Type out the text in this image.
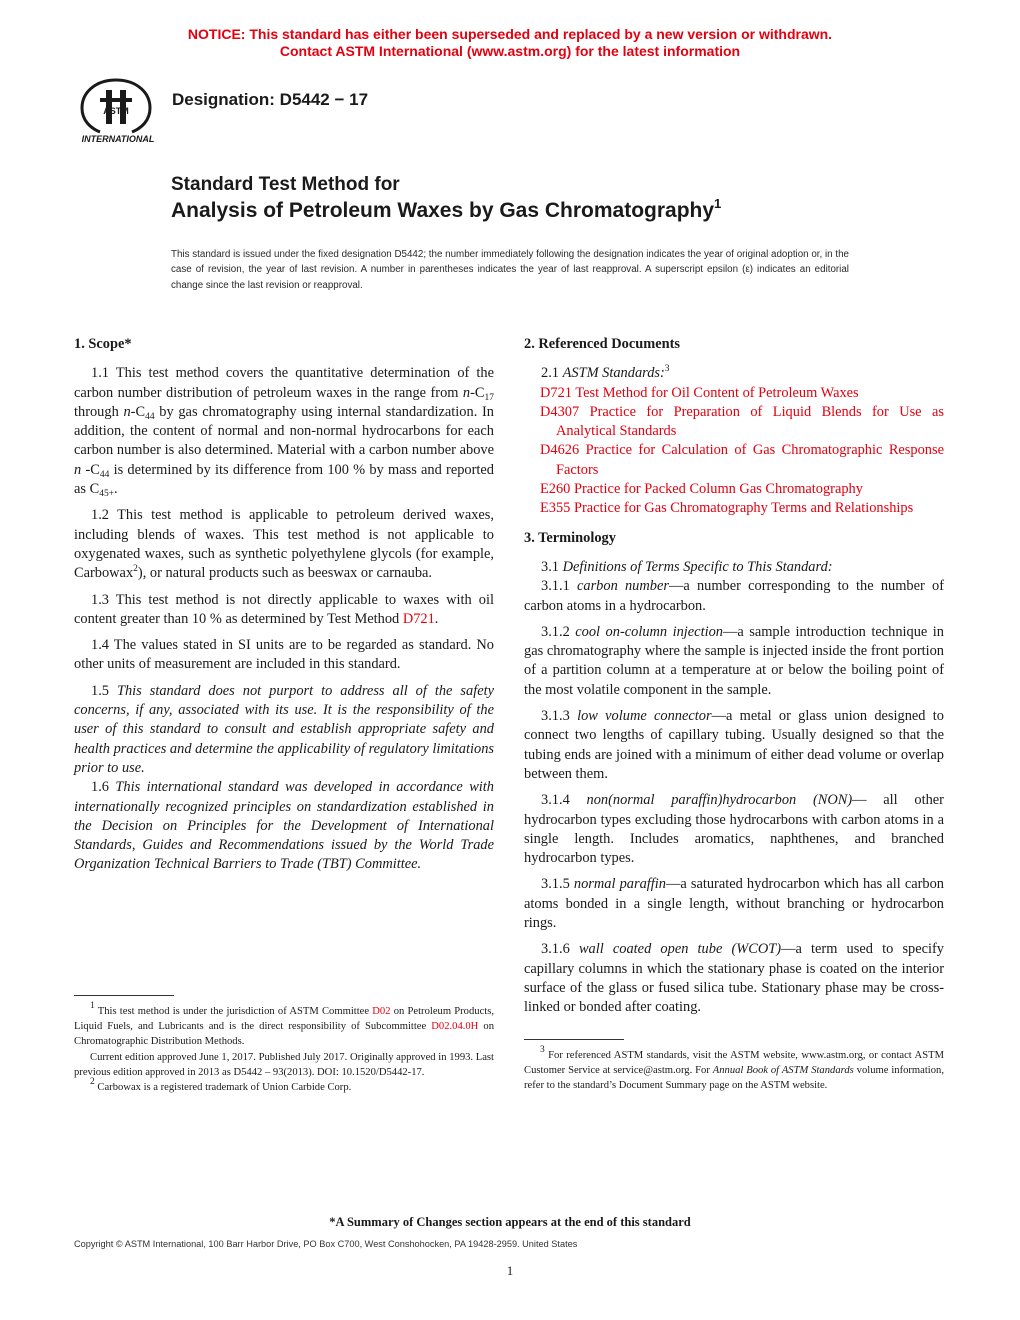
NOTICE: This standard has either been superseded and replaced by a new version or withdrawn.
Contact ASTM International (www.astm.org) for the latest information
ASTM
INTERNATIONAL
Designation: D5442 − 17
Standard Test Method for
Analysis of Petroleum Waxes by Gas Chromatography$^1$
This standard is issued under the fixed designation D5442; the number immediately following the designation indicates the year of original adoption or, in the case of revision, the year of last revision. A number in parentheses indicates the year of last reapproval. A superscript epsilon (ε) indicates an editorial change since the last revision or reapproval.
1. Scope*

1.1 This test method covers the quantitative determination of the carbon number distribution of petroleum waxes in the range from $n-C_{17}$ through $n-C_{44}$ by gas chromatography using internal standardization. In addition, the content of normal and non-normal hydrocarbons for each carbon number is also determined. Material with a carbon number above n $-C_{44}$ is determined by its difference from 100 % by mass and reported as $C_{45+}$.

1.2 This test method is applicable to petroleum derived waxes, including blends of waxes. This test method is not applicable to oxygenated waxes, such as synthetic polyethylene glycols (for example, Carbowax$^2$), or natural products such as beeswax or carnauba.

1.3 This test method is not directly applicable to waxes with oil content greater than 10 % as determined by Test Method D721.

1.4 The values stated in SI units are to be regarded as standard. No other units of measurement are included in this standard.

1.5 This standard does not purport to address all of the safety concerns, if any, associated with its use. It is the responsibility of the user of this standard to consult and establish appropriate safety and health practices and determine the applicability of regulatory limitations prior to use.

1.6 This international standard was developed in accordance with internationally recognized principles on standardization established in the Decision on Principles for the Development of International Standards, Guides and Recommendations issued by the World Trade Organization Technical Barriers to Trade (TBT) Committee.

2. Referenced Documents

2.1 ASTM Standards:$^3$

D721 Test Method for Oil Content of Petroleum Waxes

D4307 Practice for Preparation of Liquid Blends for Use as Analytical Standards

D4626 Practice for Calculation of Gas Chromatographic Response Factors

E260 Practice for Packed Column Gas Chromatography

E355 Practice for Gas Chromatography Terms and Relationships

3. Terminology

3.1 Definitions of Terms Specific to This Standard:

3.1.1 carbon number—a number corresponding to the number of carbon atoms in a hydrocarbon.

3.1.2 cool on-column injection—a sample introduction technique in gas chromatography where the sample is injected inside the front portion of a partition column at a temperature at or below the boiling point of the most volatile component in the sample.

3.1.3 low volume connector—a metal or glass union designed to connect two lengths of capillary tubing. Usually designed so that the tubing ends are joined with a minimum of either dead volume or overlap between them.

3.1.4 non(normal paraffin)hydrocarbon (NON)— all other hydrocarbon types excluding those hydrocarbons with carbon atoms in a single length. Includes aromatics, naphthenes, and branched hydrocarbon types.

3.1.5 normal paraffin—a saturated hydrocarbon which has all carbon atoms bonded in a single length, without branching or hydrocarbon rings.

3.1.6 wall coated open tube (WCOT)—a term used to specify capillary columns in which the stationary phase is coated on the interior surface of the glass or fused silica tube. Stationary phase may be cross-linked or bonded after coating.

$^1$ This test method is under the jurisdiction of ASTM Committee D02 on Petroleum Products, Liquid Fuels, and Lubricants and is the direct responsibility of Subcommittee D02.04.0H on Chromatographic Distribution Methods.

Current edition approved June 1, 2017. Published July 2017. Originally approved in 1993. Last previous edition approved in 2013 as D5442 – 93(2013). DOI: 10.1520/D5442-17.

$^2$ Carbowax is a registered trademark of Union Carbide Corp.

$^3$ For referenced ASTM standards, visit the ASTM website, www.astm.org, or contact ASTM Customer Service at service@astm.org. For Annual Book of ASTM Standards volume information, refer to the standard’s Document Summary page on the ASTM website.

*A Summary of Changes section appears at the end of this standard
Copyright © ASTM International, 100 Barr Harbor Drive, PO Box C700, West Conshohocken, PA 19428-2959. United States
1
